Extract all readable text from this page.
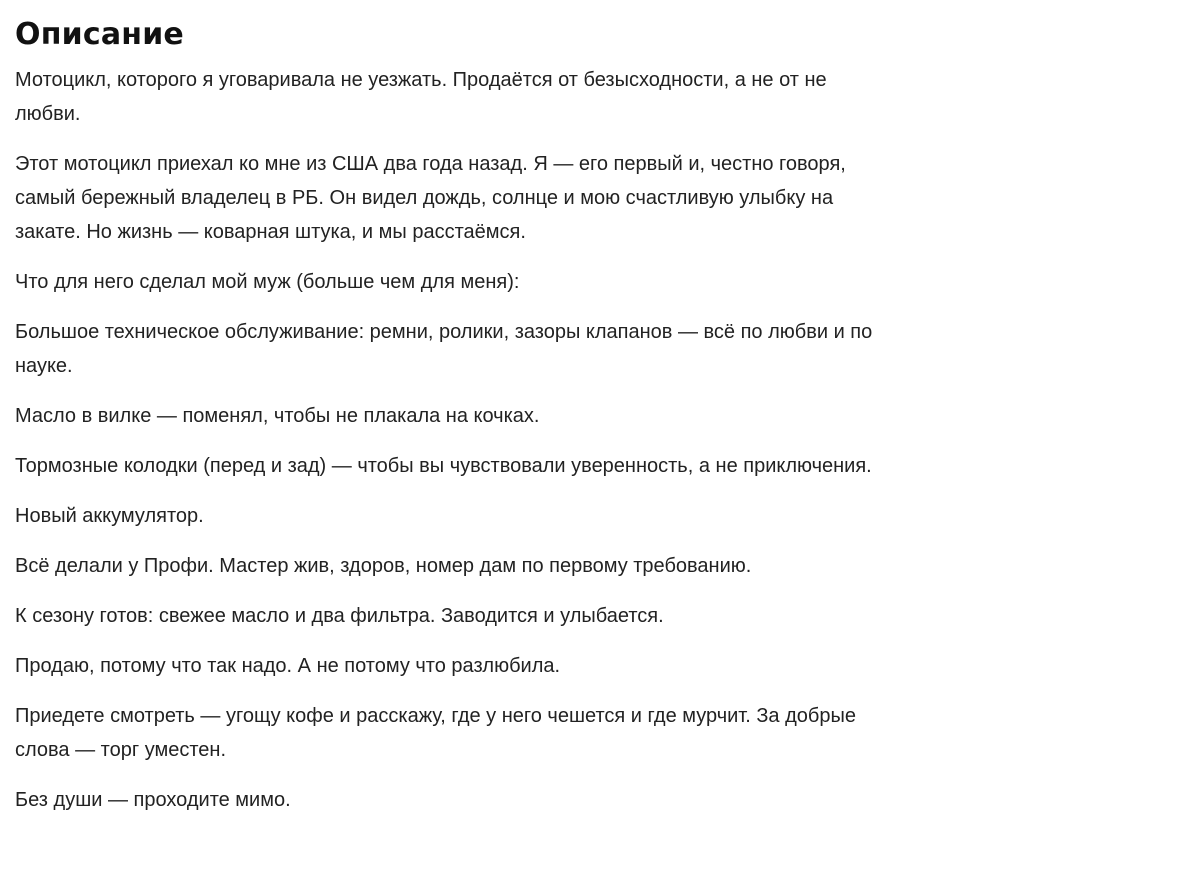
Описание

Мотоцикл, которого я уговаривала не уезжать. Продаётся от безысходности, а не от не любви.

Этот мотоцикл приехал ко мне из США два года назад. Я — его первый и, честно говоря, самый бережный владелец в РБ. Он видел дождь, солнце и мою счастливую улыбку на закате. Но жизнь — коварная штука, и мы расстаёмся.

Что для него сделал мой муж (больше чем для меня):

Большое техническое обслуживание: ремни, ролики, зазоры клапанов — всё по любви и по науке.

Масло в вилке — поменял, чтобы не плакала на кочках.

Тормозные колодки (перед и зад) — чтобы вы чувствовали уверенность, а не приключения.

Новый аккумулятор.

Всё делали у Профи. Мастер жив, здоров, номер дам по первому требованию.

К сезону готов: свежее масло и два фильтра. Заводится и улыбается.

Продаю, потому что так надо. А не потому что разлюбила.

Приедете смотреть — угощу кофе и расскажу, где у него чешется и где мурчит. За добрые слова — торг уместен.

Без души — проходите мимо.
